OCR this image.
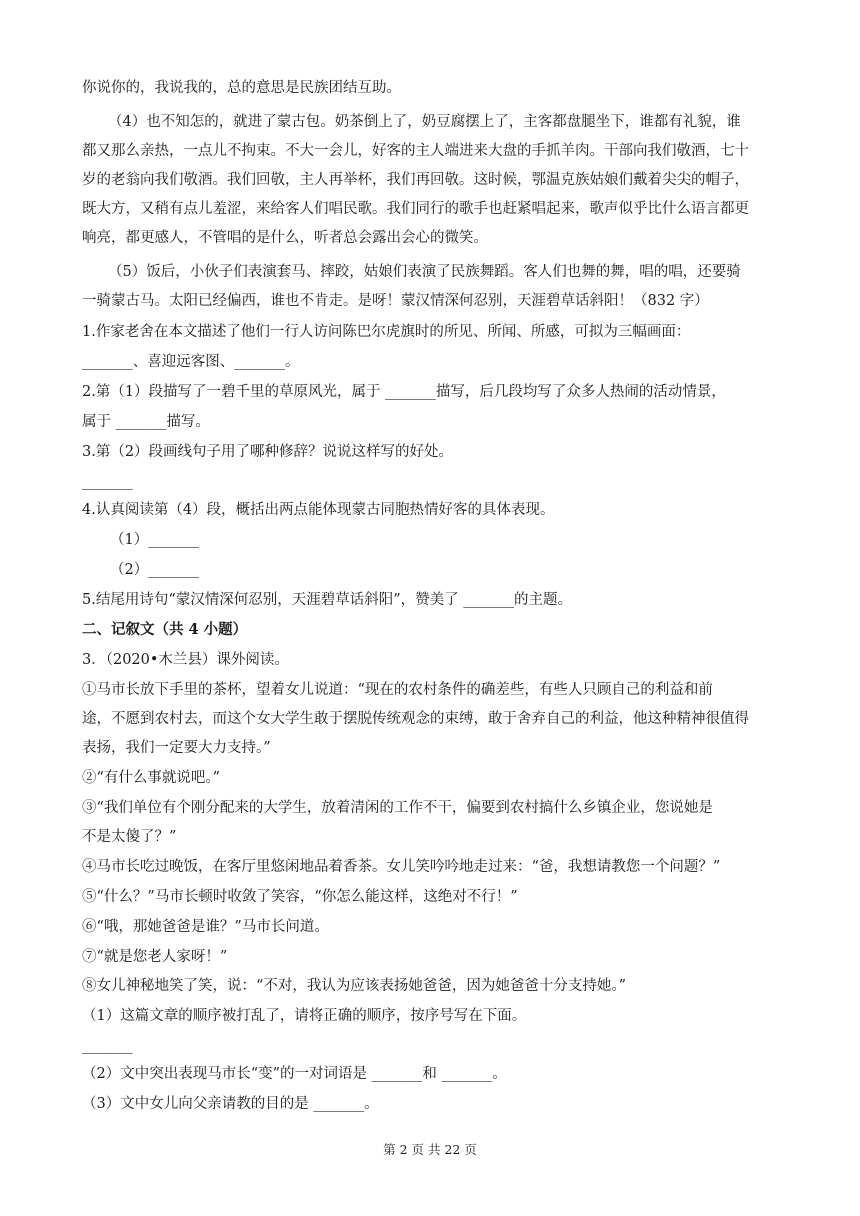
你说你的，我说我的，总的意思是民族团结互助。
（4）也不知怎的，就进了蒙古包。奶茶倒上了，奶豆腐摆上了，主客都盘腿坐下，谁都有礼貌，谁
都又那么亲热，一点儿不拘束。不大一会儿，好客的主人端进来大盘的手抓羊肉。干部向我们敬酒，七十
岁的老翁向我们敬酒。我们回敬，主人再举杯，我们再回敬。这时候，鄂温克族姑娘们戴着尖尖的帽子，
既大方，又稍有点儿羞涩，来给客人们唱民歌。我们同行的歌手也赶紧唱起来，歌声似乎比什么语言都更
响亮，都更感人，不管唱的是什么，听者总会露出会心的微笑。
（5）饭后，小伙子们表演套马、摔跤，姑娘们表演了民族舞蹈。客人们也舞的舞，唱的唱，还要骑
一骑蒙古马。太阳已经偏西，谁也不肯走。是呀！蒙汉情深何忍别，天涯碧草话斜阳！（832 字）
1.作家老舍在本文描述了他们一行人访问陈巴尔虎旗时的所见、所闻、所感，可拟为三幅画面：
_______、喜迎远客图、_______。
2.第（1）段描写了一碧千里的草原风光，属于 _______描写，后几段均写了众多人热闹的活动情景，
属于 _______描写。
3.第（2）段画线句子用了哪种修辞？说说这样写的好处。
_______
4.认真阅读第（4）段，概括出两点能体现蒙古同胞热情好客的具体表现。
（1）_______
（2）_______
5.结尾用诗句“蒙汉情深何忍别，天涯碧草话斜阳”，赞美了 _______的主题。
二、记叙文（共 4 小题）
3．（2020•木兰县）课外阅读。
①马市长放下手里的茶杯，望着女儿说道：“现在的农村条件的确差些，有些人只顾自己的利益和前
途，不愿到农村去，而这个女大学生敢于摆脱传统观念的束缚，敢于舍弃自己的利益，他这种精神很值得
表扬，我们一定要大力支持。”
②“有什么事就说吧。”
③“我们单位有个刚分配来的大学生，放着清闲的工作不干，偏要到农村搞什么乡镇企业，您说她是
不是太傻了？”
④马市长吃过晚饭，在客厅里悠闲地品着香茶。女儿笑吟吟地走过来：“爸，我想请教您一个问题？”
⑤“什么？”马市长顿时收敛了笑容，“你怎么能这样，这绝对不行！”
⑥“哦，那她爸爸是谁？”马市长问道。
⑦“就是您老人家呀！”
⑧女儿神秘地笑了笑，说：“不对，我认为应该表扬她爸爸，因为她爸爸十分支持她。”
（1）这篇文章的顺序被打乱了，请将正确的顺序，按序号写在下面。
_______
（2）文中突出表现马市长“变”的一对词语是 _______和 _______。
（3）文中女儿向父亲请教的目的是 _______。
第 2 页 共 22 页
